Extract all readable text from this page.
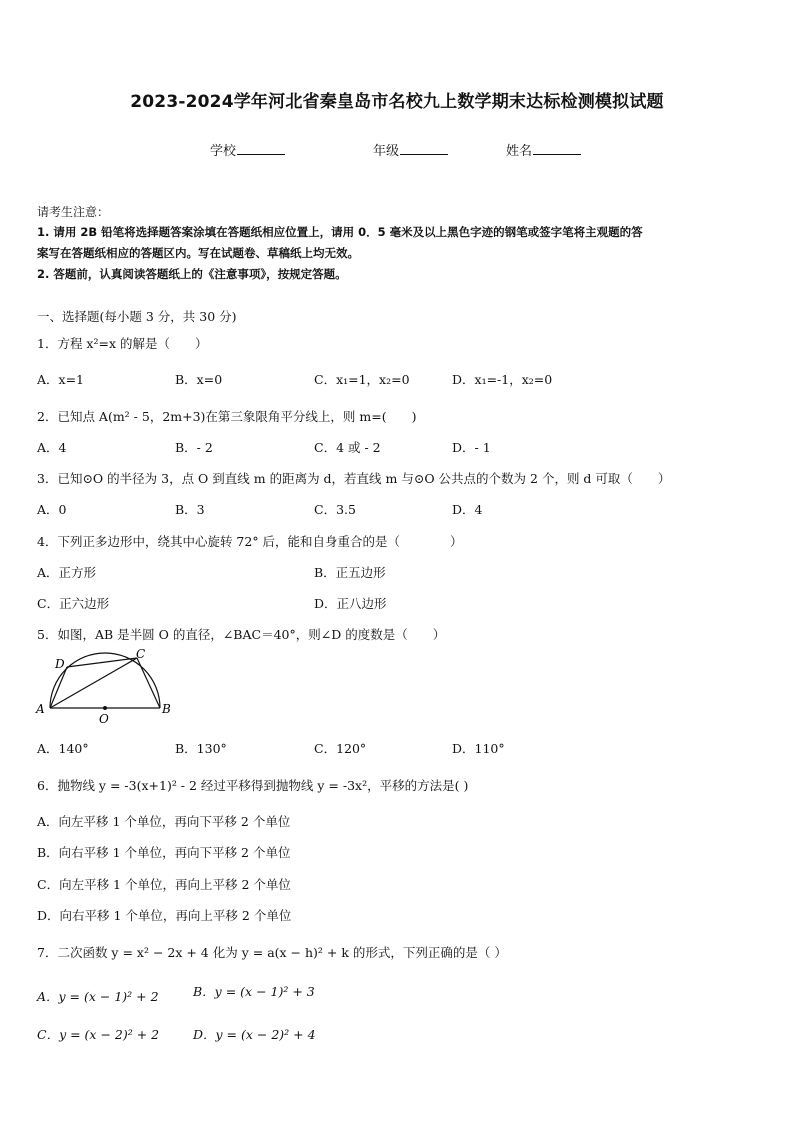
2023-2024学年河北省秦皇岛市名校九上数学期末达标检测模拟试题
学校	年级	姓名
请考生注意：
1. 请用 2B 铅笔将选择题答案涂填在答题纸相应位置上，请用 0．5 毫米及以上黑色字迹的钢笔或签字笔将主观题的答
案写在答题纸相应的答题区内。写在试题卷、草稿纸上均无效。
2. 答题前，认真阅读答题纸上的《注意事项》，按规定答题。
一、选择题(每小题 3 分，共 30 分)
1．方程 x²=x 的解是（　　）
A．x=1	B．x=0	C．x₁=1，x₂=0	D．x₁=-1，x₂=0
2．已知点 A(m² - 5，2m+3)在第三象限角平分线上，则 m=(　　)
A．4	B．- 2	C．4 或 - 2	D．- 1
3．已知⊙O 的半径为 3，点 O 到直线 m 的距离为 d，若直线 m 与⊙O 公共点的个数为 2 个，则 d 可取（　　）
A．0	B．3	C．3.5	D．4
4．下列正多边形中，绕其中心旋转 72° 后，能和自身重合的是（　　　　）
A．正方形	B．正五边形
C．正六边形	D．正八边形
5．如图，AB 是半圆 O 的直径，∠BAC＝40°，则∠D 的度数是（　　）
A	B
C
D
O
A．140°	B．130°	C．120°	D．110°
6．抛物线 y = -3(x+1)² - 2 经过平移得到抛物线 y = -3x²，平移的方法是( )
A．向左平移 1 个单位，再向下平移 2 个单位
B．向右平移 1 个单位，再向下平移 2 个单位
C．向左平移 1 个单位，再向上平移 2 个单位
D．向右平移 1 个单位，再向上平移 2 个单位
7．二次函数 y = x² − 2x + 4 化为 y = a(x − h)² + k 的形式，下列正确的是（ ）
A．y = (x − 1)² + 2	B．y = (x − 1)² + 3
C．y = (x − 2)² + 2	D．y = (x − 2)² + 4
